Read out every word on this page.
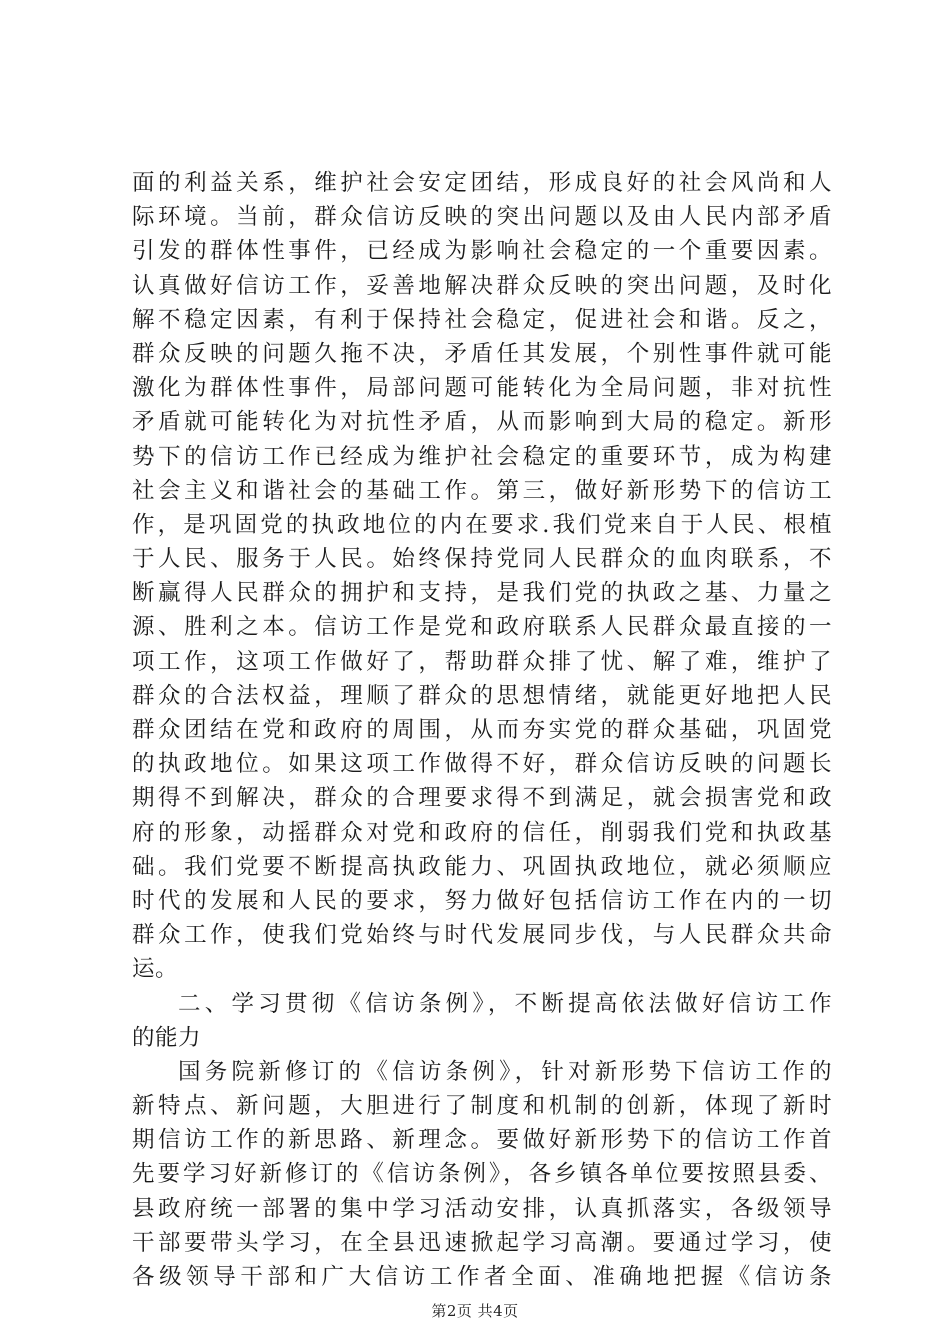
面的利益关系，维护社会安定团结，形成良好的社会风尚和人
际环境。当前，群众信访反映的突出问题以及由人民内部矛盾
引发的群体性事件，已经成为影响社会稳定的一个重要因素。
认真做好信访工作，妥善地解决群众反映的突出问题，及时化
解不稳定因素，有利于保持社会稳定，促进社会和谐。反之，
群众反映的问题久拖不决，矛盾任其发展，个别性事件就可能
激化为群体性事件，局部问题可能转化为全局问题，非对抗性
矛盾就可能转化为对抗性矛盾，从而影响到大局的稳定。新形
势下的信访工作已经成为维护社会稳定的重要环节，成为构建
社会主义和谐社会的基础工作。第三，做好新形势下的信访工
作，是巩固党的执政地位的内在要求.我们党来自于人民、根植
于人民、服务于人民。始终保持党同人民群众的血肉联系，不
断赢得人民群众的拥护和支持，是我们党的执政之基、力量之
源、胜利之本。信访工作是党和政府联系人民群众最直接的一
项工作，这项工作做好了，帮助群众排了忧、解了难，维护了
群众的合法权益，理顺了群众的思想情绪，就能更好地把人民
群众团结在党和政府的周围，从而夯实党的群众基础，巩固党
的执政地位。如果这项工作做得不好，群众信访反映的问题长
期得不到解决，群众的合理要求得不到满足，就会损害党和政
府的形象，动摇群众对党和政府的信任，削弱我们党和执政基
础。我们党要不断提高执政能力、巩固执政地位，就必须顺应
时代的发展和人民的要求，努力做好包括信访工作在内的一切
群众工作，使我们党始终与时代发展同步伐，与人民群众共命
运。
二、学习贯彻《信访条例》，不断提高依法做好信访工作
的能力
国务院新修订的《信访条例》，针对新形势下信访工作的
新特点、新问题，大胆进行了制度和机制的创新，体现了新时
期信访工作的新思路、新理念。要做好新形势下的信访工作首
先要学习好新修订的《信访条例》，各乡镇各单位要按照县委、
县政府统一部署的集中学习活动安排，认真抓落实，各级领导
干部要带头学习，在全县迅速掀起学习高潮。要通过学习，使
各级领导干部和广大信访工作者全面、准确地把握《信访条
第2页 共4页
